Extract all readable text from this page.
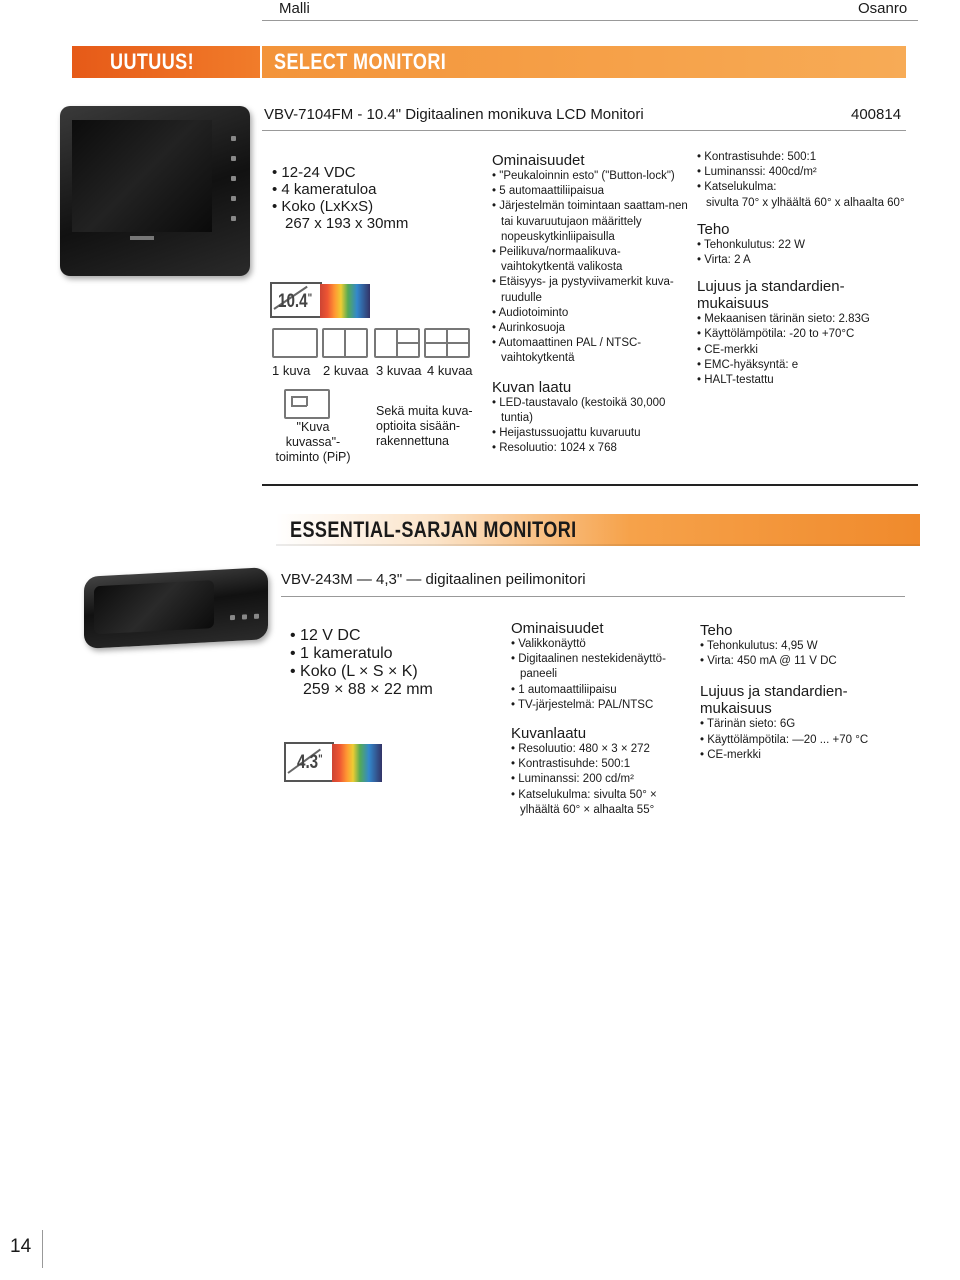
Malli	Osanro
UUTUUS!	SELECT MONITORI
VBV-7104FM - 10.4" Digitaalinen monikuva LCD Monitori	400814
• 12-24 VDC
• 4 kameratuloa
• Koko (LxKxS)
267 x 193 x 30mm
10.4"
1 kuva 2 kuvaa 3 kuvaa 4 kuvaa
"Kuva kuvassa"-
toiminto (PiP)
Sekä muita kuva-
optioita sisään-
rakennettuna
Ominaisuudet
• "Peukaloinnin esto" ("Button-lock")
• 5 automaattiliipaisua
• Järjestelmän toimintaan saattam-nen tai kuvaruutujaon määrittely nopeuskytkinliipaisulla
• Peilikuva/normaalikuva-vaihtokytkentä valikosta
• Etäisyys- ja pystyviivamerkit kuva-ruudulle
• Audiotoiminto
• Aurinkosuoja
• Automaattinen PAL / NTSC-vaihtokytkentä
Kuvan laatu
• LED-taustavalo (kestoikä 30,000 tuntia)
• Heijastussuojattu kuvaruutu
• Resoluutio: 1024 x 768
• Kontrastisuhde: 500:1
• Luminanssi: 400cd/m²
• Katselukulma:
sivulta 70° x ylhäältä 60° x alhaalta 60°
Teho
• Tehonkulutus: 22 W
• Virta: 2 A
Lujuus ja standardien-
mukaisuus
• Mekaanisen tärinän sieto: 2.83G
• Käyttölämpötila: -20 to +70°C
• CE-merkki
• EMC-hyäksyntä: e
• HALT-testattu
ESSENTIAL-SARJAN MONITORI
VBV-243M — 4,3" — digitaalinen peilimonitori
• 12 V DC
• 1 kameratulo
• Koko (L × S × K)
259 × 88 × 22 mm
4.3"
Ominaisuudet
• Valikkonäyttö
• Digitaalinen nestekidenäyttö-paneeli
• 1 automaattiliipaisu
• TV-järjestelmä: PAL/NTSC
Kuvanlaatu
• Resoluutio: 480 × 3 × 272
• Kontrastisuhde: 500:1
• Luminanssi: 200 cd/m²
• Katselukulma: sivulta 50° × ylhäältä 60° × alhaalta 55°
Teho
• Tehonkulutus: 4,95 W
• Virta: 450 mA @ 11 V DC
Lujuus ja standardien-
mukaisuus
• Tärinän sieto: 6G
• Käyttölämpötila: —20 ... +70 °C
• CE-merkki
14
